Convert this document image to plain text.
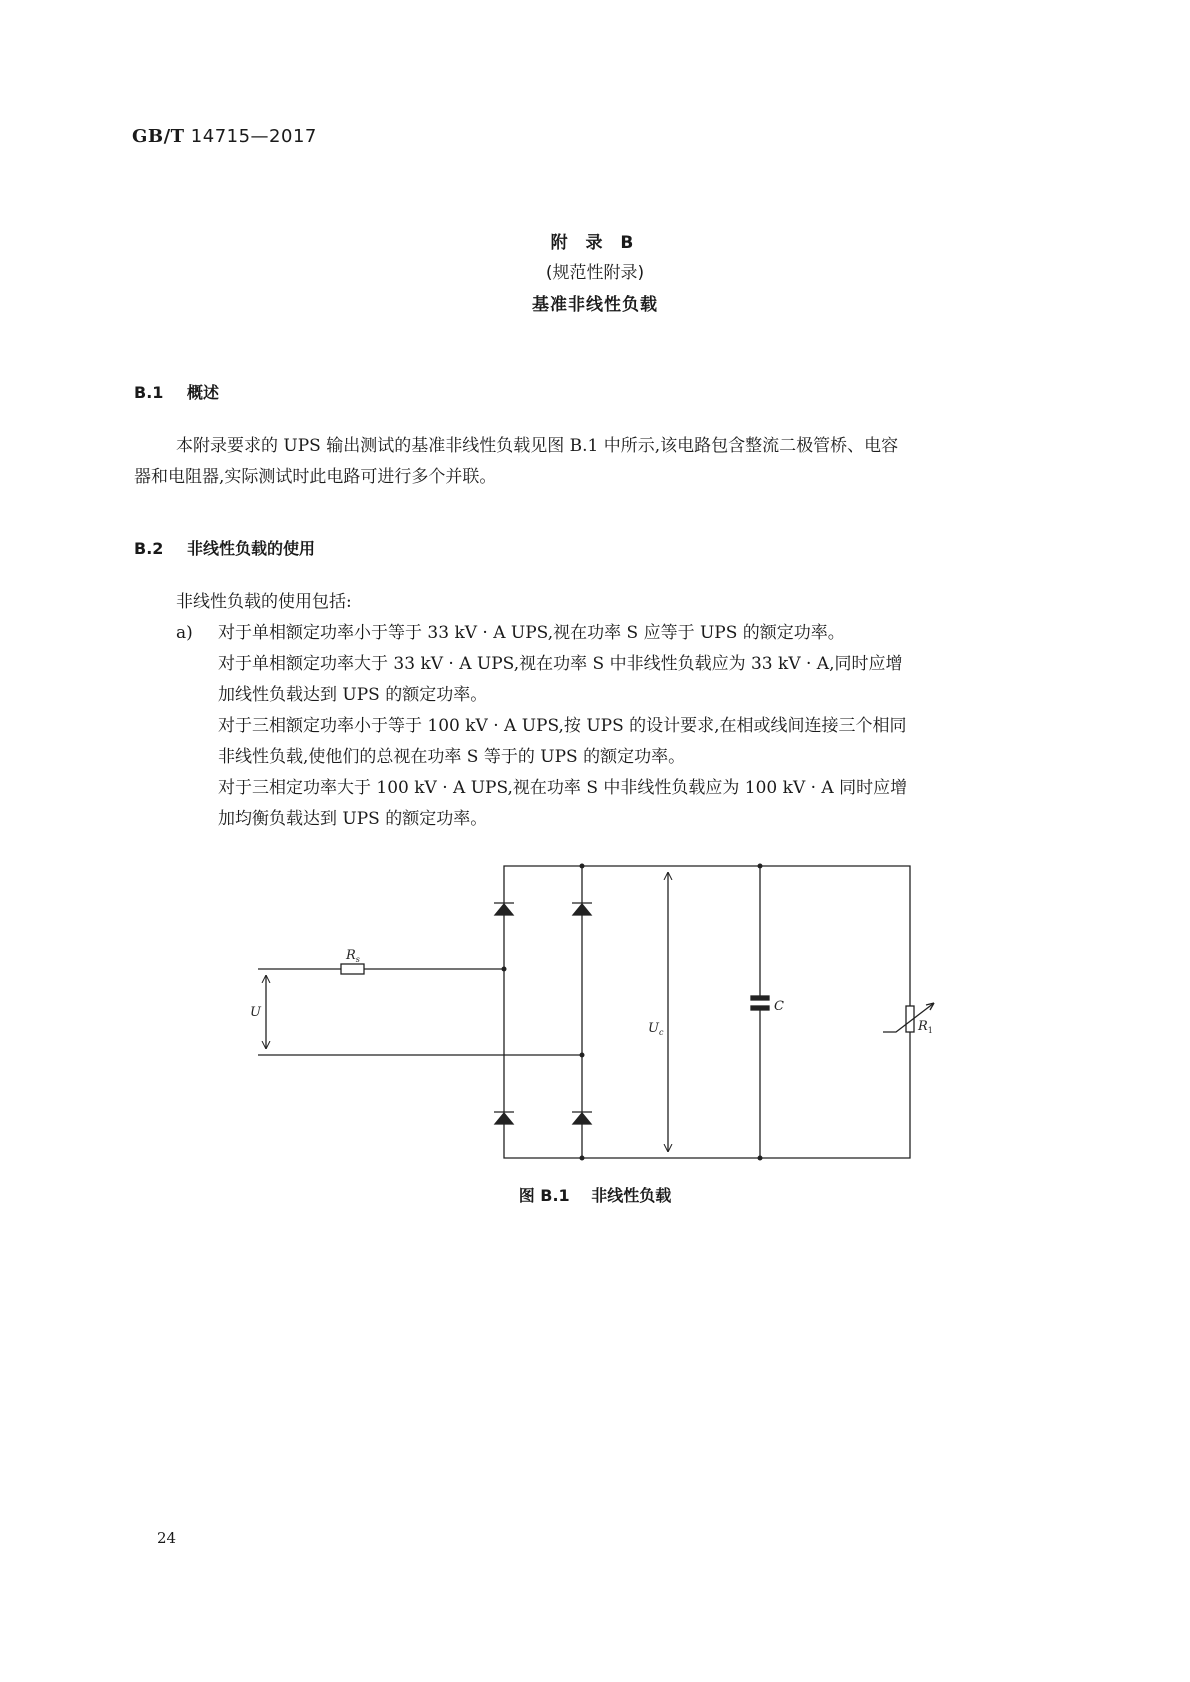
GB/T 14715—2017
附 录 B
(规范性附录)
基准非线性负载
B.1 概述
本附录要求的 UPS 输出测试的基准非线性负载见图 B.1 中所示,该电路包含整流二极管桥、电容
器和电阻器,实际测试时此电路可进行多个并联。
B.2 非线性负载的使用
非线性负载的使用包括:
a) 对于单相额定功率小于等于 33 kV · A UPS,视在功率 S 应等于 UPS 的额定功率。
对于单相额定功率大于 33 kV · A UPS,视在功率 S 中非线性负载应为 33 kV · A,同时应增
加线性负载达到 UPS 的额定功率。
对于三相额定功率小于等于 100 kV · A UPS,按 UPS 的设计要求,在相或线间连接三个相同
非线性负载,使他们的总视在功率 S 等于的 UPS 的额定功率。
对于三相定功率大于 100 kV · A UPS,视在功率 S 中非线性负载应为 100 kV · A 同时应增
加均衡负载达到 UPS 的额定功率。
$R_s$
U
$U_c$
C
$R_1$
图 B.1 非线性负载
24
